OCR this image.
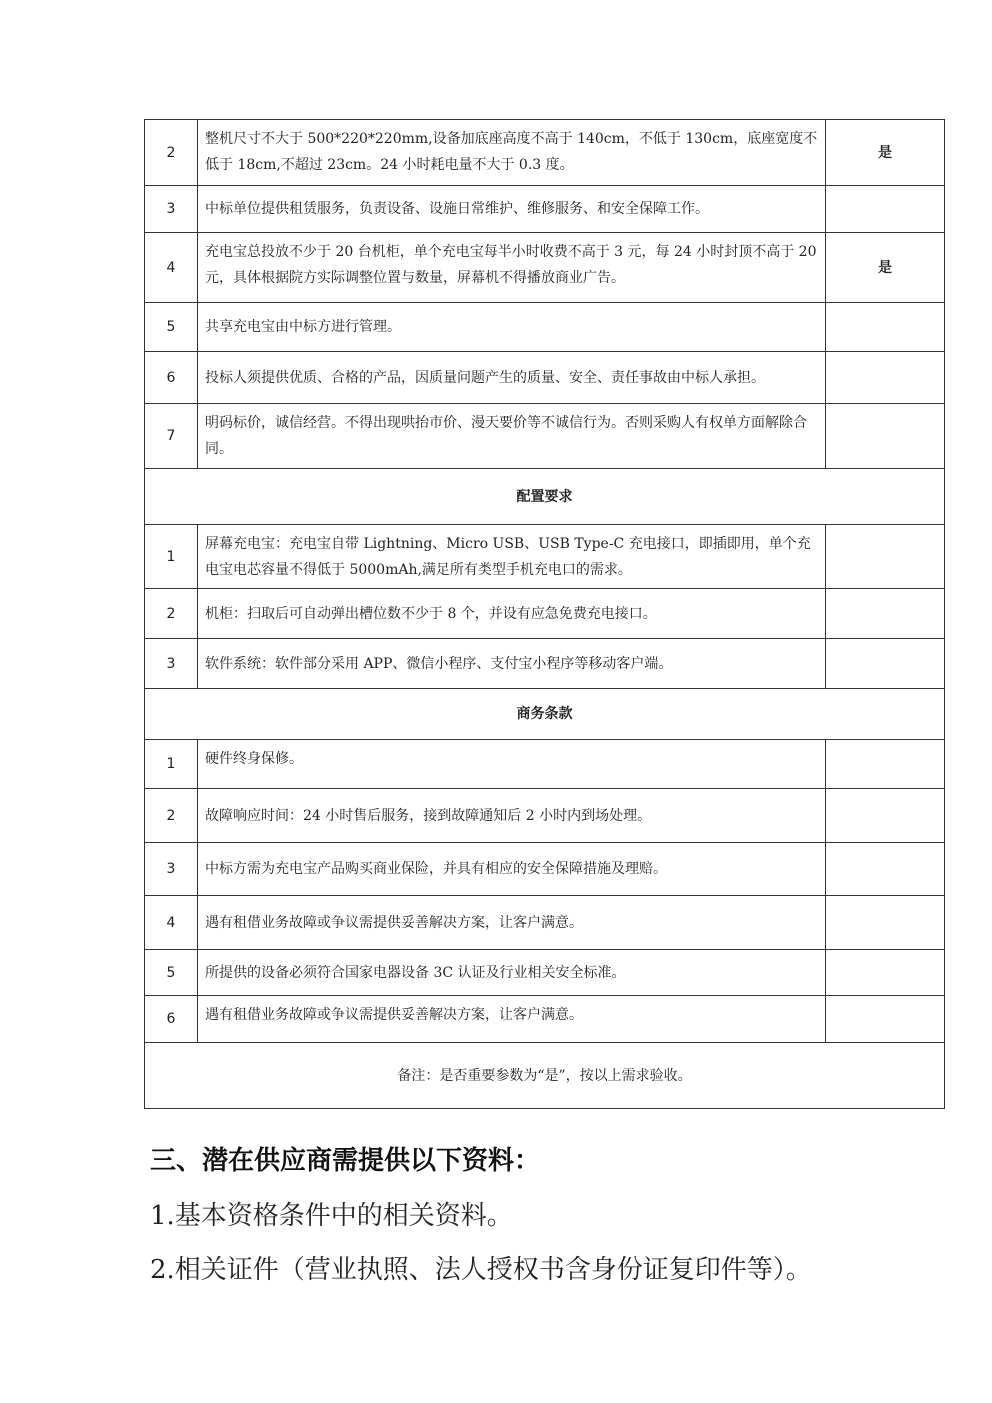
2	整机尺寸不大于 500*220*220mm,设备加底座高度不高于 140cm，不低于 130cm，底座宽度不低于 18cm,不超过 23cm。24 小时耗电量不大于 0.3 度。	是
3	中标单位提供租赁服务，负责设备、设施日常维护、维修服务、和安全保障工作。	
4	充电宝总投放不少于 20 台机柜，单个充电宝每半小时收费不高于 3 元，每 24 小时封顶不高于 20 元，具体根据院方实际调整位置与数量，屏幕机不得播放商业广告。	是
5	共享充电宝由中标方进行管理。	
6	投标人须提供优质、合格的产品，因质量问题产生的质量、安全、责任事故由中标人承担。	
7	明码标价，诚信经营。不得出现哄抬市价、漫天要价等不诚信行为。否则采购人有权单方面解除合同。	
配置要求		
1	屏幕充电宝：充电宝自带 Lightning、Micro USB、USB Type-C 充电接口，即插即用，单个充电宝电芯容量不得低于 5000mAh,满足所有类型手机充电口的需求。	
2	机柜：扫取后可自动弹出槽位数不少于 8 个，并设有应急免费充电接口。	
3	软件系统：软件部分采用 APP、微信小程序、支付宝小程序等移动客户端。	
商务条款		
1	硬件终身保修。	
2	故障响应时间：24 小时售后服务，接到故障通知后 2 小时内到场处理。	
3	中标方需为充电宝产品购买商业保险，并具有相应的安全保障措施及理赔。	
4	遇有租借业务故障或争议需提供妥善解决方案，让客户满意。	
5	所提供的设备必须符合国家电器设备 3C 认证及行业相关安全标准。	
6	遇有租借业务故障或争议需提供妥善解决方案，让客户满意。	
备注：是否重要参数为“是”，按以上需求验收。		
三、潜在供应商需提供以下资料：
1.基本资格条件中的相关资料。
2.相关证件（营业执照、法人授权书含身份证复印件等）。
